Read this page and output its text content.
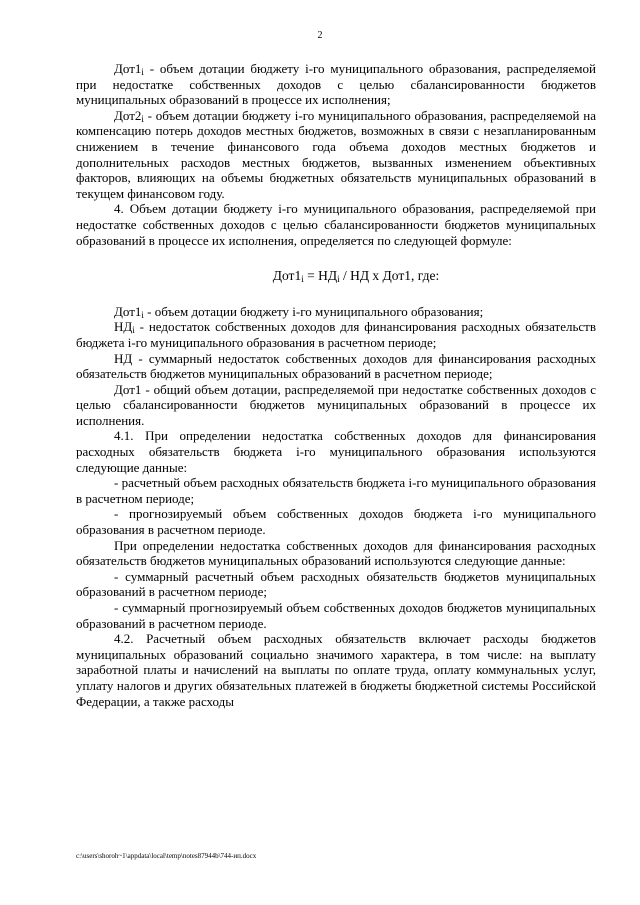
2

$Дот1_i$ - объем дотации бюджету i-го муниципального образования, распределяемой при недостатке собственных доходов с целью сбалансированности бюджетов муниципальных образований в процессе их исполнения;

$Дот2_i$ - объем дотации бюджету i-го муниципального образования, распределяемой на компенсацию потерь доходов местных бюджетов, возможных в связи с незапланированным снижением в течение финансового года объема доходов местных бюджетов и дополнительных расходов местных бюджетов, вызванных изменением объективных факторов, влияющих на объемы бюджетных обязательств муниципальных образований в текущем финансовом году.

4. Объем дотации бюджету i-го муниципального образования, распределяемой при недостатке собственных доходов с целью сбалансированности бюджетов муниципальных образований в процессе их исполнения, определяется по следующей формуле:

$Дот1_i = НД_i$ / НД х Дот1, где:

$Дот1_i$ - объем дотации бюджету i-го муниципального образования;

$НД_i$ - недостаток собственных доходов для финансирования расходных обязательств бюджета i-го муниципального образования в расчетном периоде;

НД - суммарный недостаток собственных доходов для финансирования расходных обязательств бюджетов муниципальных образований в расчетном периоде;

Дот1 - общий объем дотации, распределяемой при недостатке собственных доходов с целью сбалансированности бюджетов муниципальных образований в процессе их исполнения.

4.1. При определении недостатка собственных доходов для финансирования расходных обязательств бюджета i-го муниципального образования используются следующие данные:

- расчетный объем расходных обязательств бюджета i-го муниципального образования в расчетном периоде;

- прогнозируемый объем собственных доходов бюджета i-го муниципального образования в расчетном периоде.

При определении недостатка собственных доходов для финансирования расходных обязательств бюджетов муниципальных образований используются следующие данные:

- суммарный расчетный объем расходных обязательств бюджетов муниципальных образований в расчетном периоде;

- суммарный прогнозируемый объем собственных доходов бюджетов муниципальных образований в расчетном периоде.

4.2. Расчетный объем расходных обязательств включает расходы бюджетов муниципальных образований социально значимого характера, в том числе: на выплату заработной платы и начислений на выплаты по оплате труда, оплату коммунальных услуг, уплату налогов и других обязательных платежей в бюджеты бюджетной системы Российской Федерации, а также расходы

c:\users\shoroh~1\appdata\local\temp\notes87944b\744-ип.docx
